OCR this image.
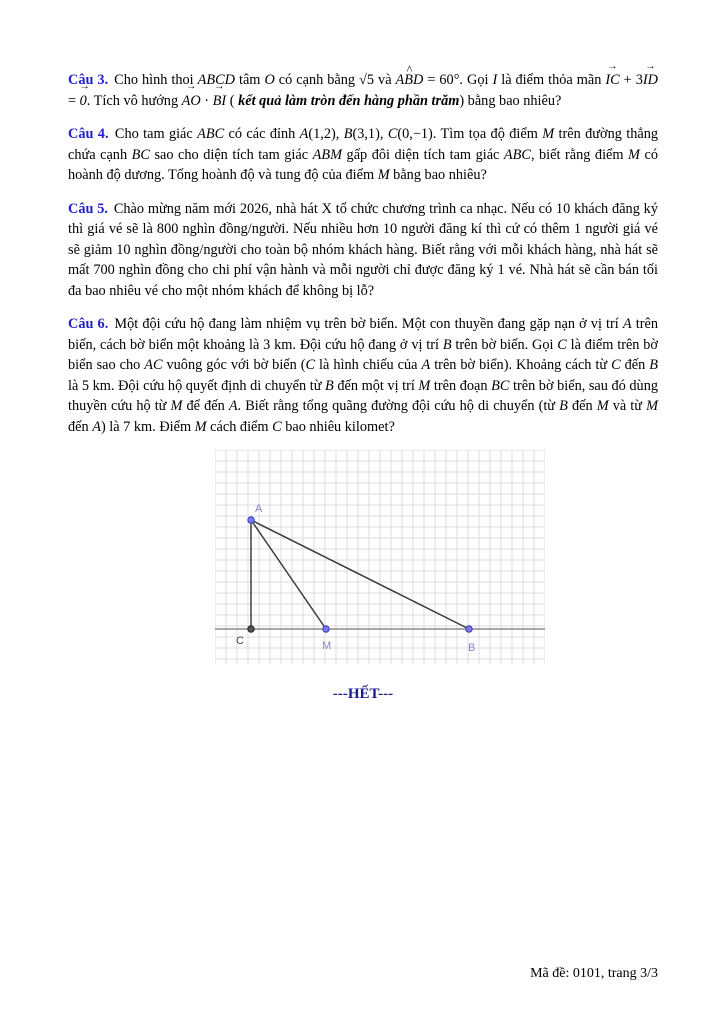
Câu 3. Cho hình thoi ABCD tâm O có cạnh bằng √5 và ABD ^ = 60°. Gọi I là điểm thỏa mãn IC → + 3ID → = 0 →. Tích vô hướng AO → · BI → ( kết quả làm tròn đến hàng phần trăm) bằng bao nhiêu?

Câu 4. Cho tam giác ABC có các đỉnh A(1,2), B(3,1), C(0,−1). Tìm tọa độ điểm M trên đường thẳng chứa cạnh BC sao cho diện tích tam giác ABM gấp đôi diện tích tam giác ABC, biết rằng điểm M có hoành độ dương. Tổng hoành độ và tung độ của điểm M bằng bao nhiêu?

Câu 5. Chào mừng năm mới 2026, nhà hát X tổ chức chương trình ca nhạc. Nếu có 10 khách đăng ký thì giá vé sẽ là 800 nghìn đồng/người. Nếu nhiều hơn 10 người đăng kí thì cứ có thêm 1 người giá vé sẽ giảm 10 nghìn đồng/người cho toàn bộ nhóm khách hàng. Biết rằng với mỗi khách hàng, nhà hát sẽ mất 700 nghìn đồng cho chi phí vận hành và mỗi người chỉ được đăng ký 1 vé. Nhà hát sẽ cần bán tối đa bao nhiêu vé cho một nhóm khách để không bị lỗ?

Câu 6. Một đội cứu hộ đang làm nhiệm vụ trên bờ biển. Một con thuyền đang gặp nạn ở vị trí A trên biển, cách bờ biển một khoảng là 3 km. Đội cứu hộ đang ở vị trí B trên bờ biển. Gọi C là điểm trên bờ biển sao cho AC vuông góc với bờ biển (C là hình chiếu của A trên bờ biển). Khoảng cách từ C đến B là 5 km. Đội cứu hộ quyết định di chuyển từ B đến một vị trí M trên đoạn BC trên bờ biển, sau đó dùng thuyền cứu hộ từ M để đến A. Biết rằng tổng quãng đường đội cứu hộ di chuyển (từ B đến M và từ M đến A) là 7 km. Điểm M cách điểm C bao nhiêu kilomet?

A
C	M	B

---HẾT---

Mã đề: 0101, trang 3/3
